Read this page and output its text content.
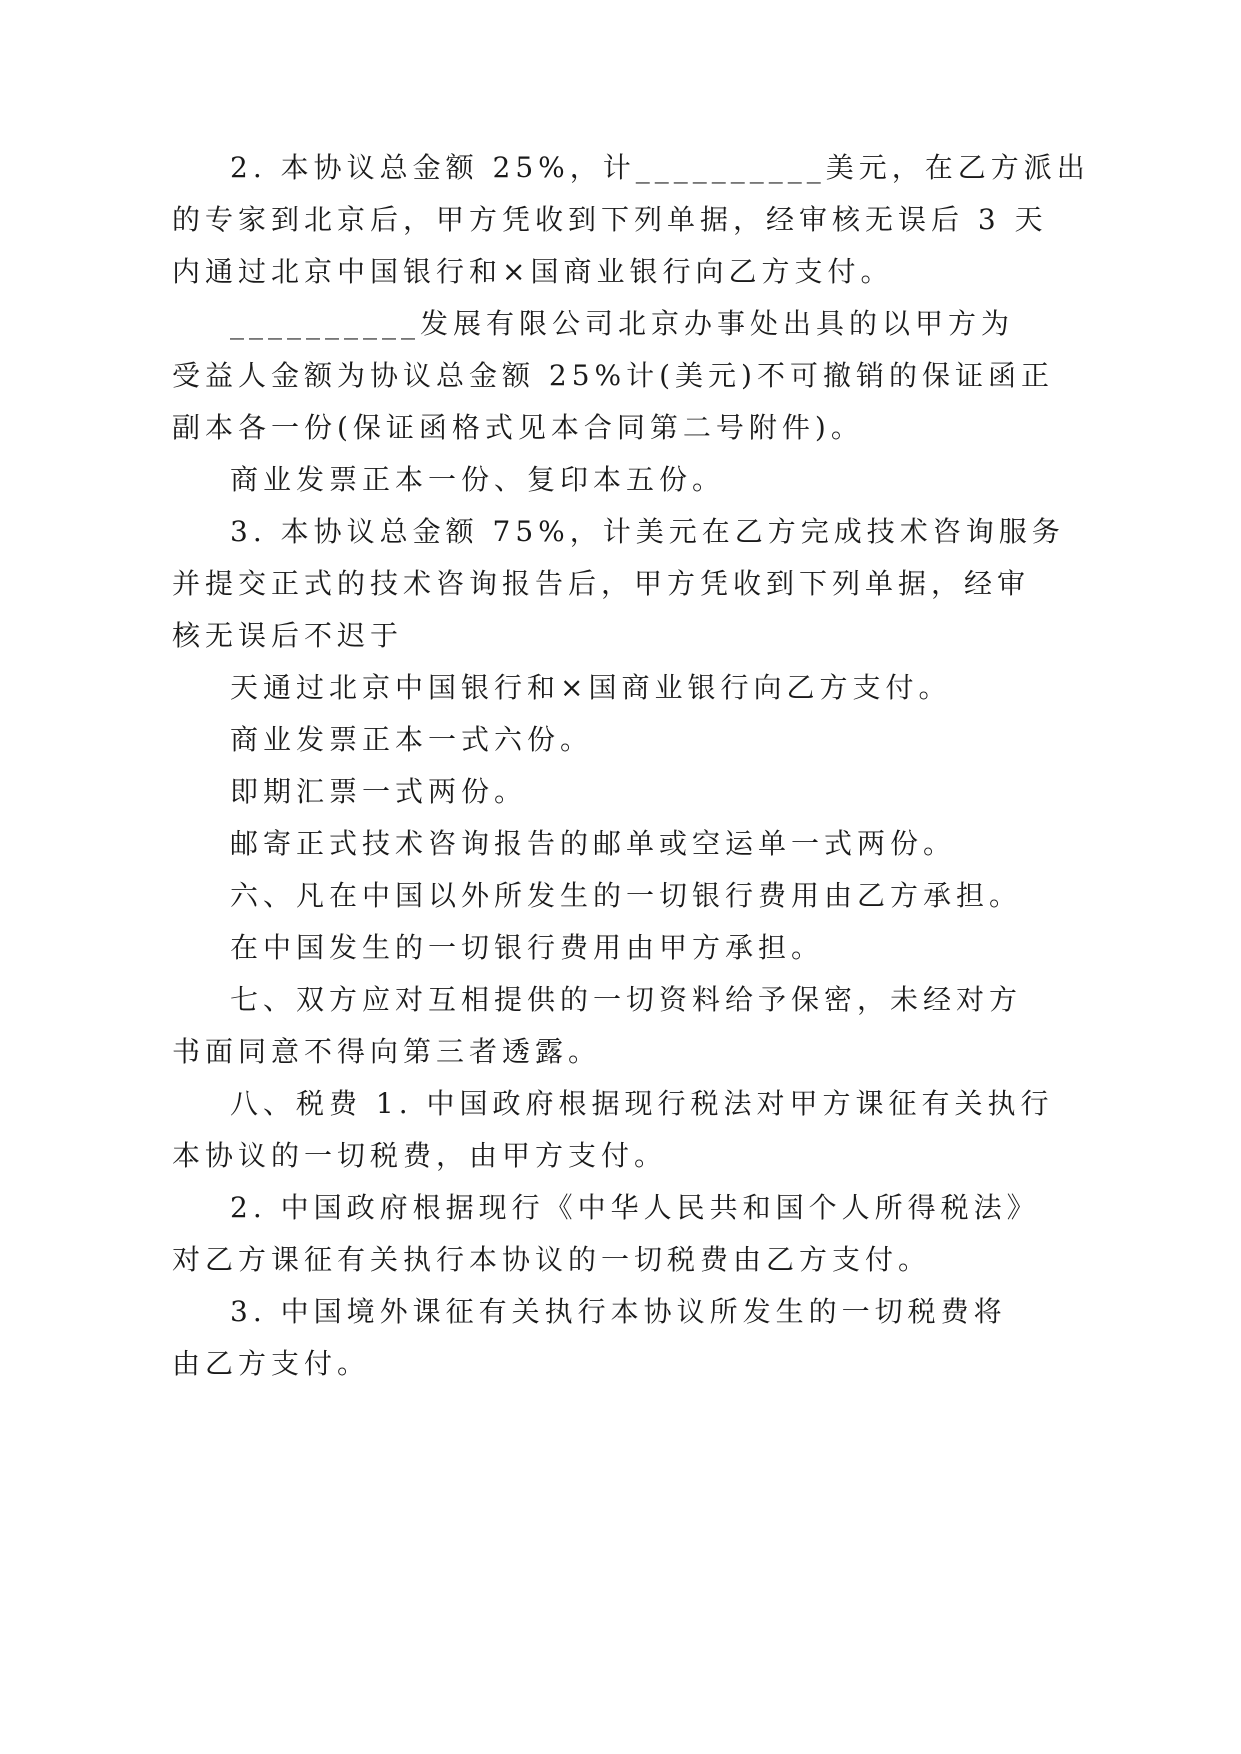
2. 本协议总金额 25%，计__________美元，在乙方派出

的专家到北京后，甲方凭收到下列单据，经审核无误后 3 天

内通过北京中国银行和×国商业银行向乙方支付。

__________发展有限公司北京办事处出具的以甲方为

受益人金额为协议总金额 25%计(美元)不可撤销的保证函正

副本各一份(保证函格式见本合同第二号附件)。

商业发票正本一份、复印本五份。

3. 本协议总金额 75%，计美元在乙方完成技术咨询服务

并提交正式的技术咨询报告后，甲方凭收到下列单据，经审

核无误后不迟于

天通过北京中国银行和×国商业银行向乙方支付。

商业发票正本一式六份。

即期汇票一式两份。

邮寄正式技术咨询报告的邮单或空运单一式两份。

六、凡在中国以外所发生的一切银行费用由乙方承担。

在中国发生的一切银行费用由甲方承担。

七、双方应对互相提供的一切资料给予保密，未经对方

书面同意不得向第三者透露。

八、税费 1. 中国政府根据现行税法对甲方课征有关执行

本协议的一切税费，由甲方支付。

2. 中国政府根据现行《中华人民共和国个人所得税法》

对乙方课征有关执行本协议的一切税费由乙方支付。

3. 中国境外课征有关执行本协议所发生的一切税费将

由乙方支付。
